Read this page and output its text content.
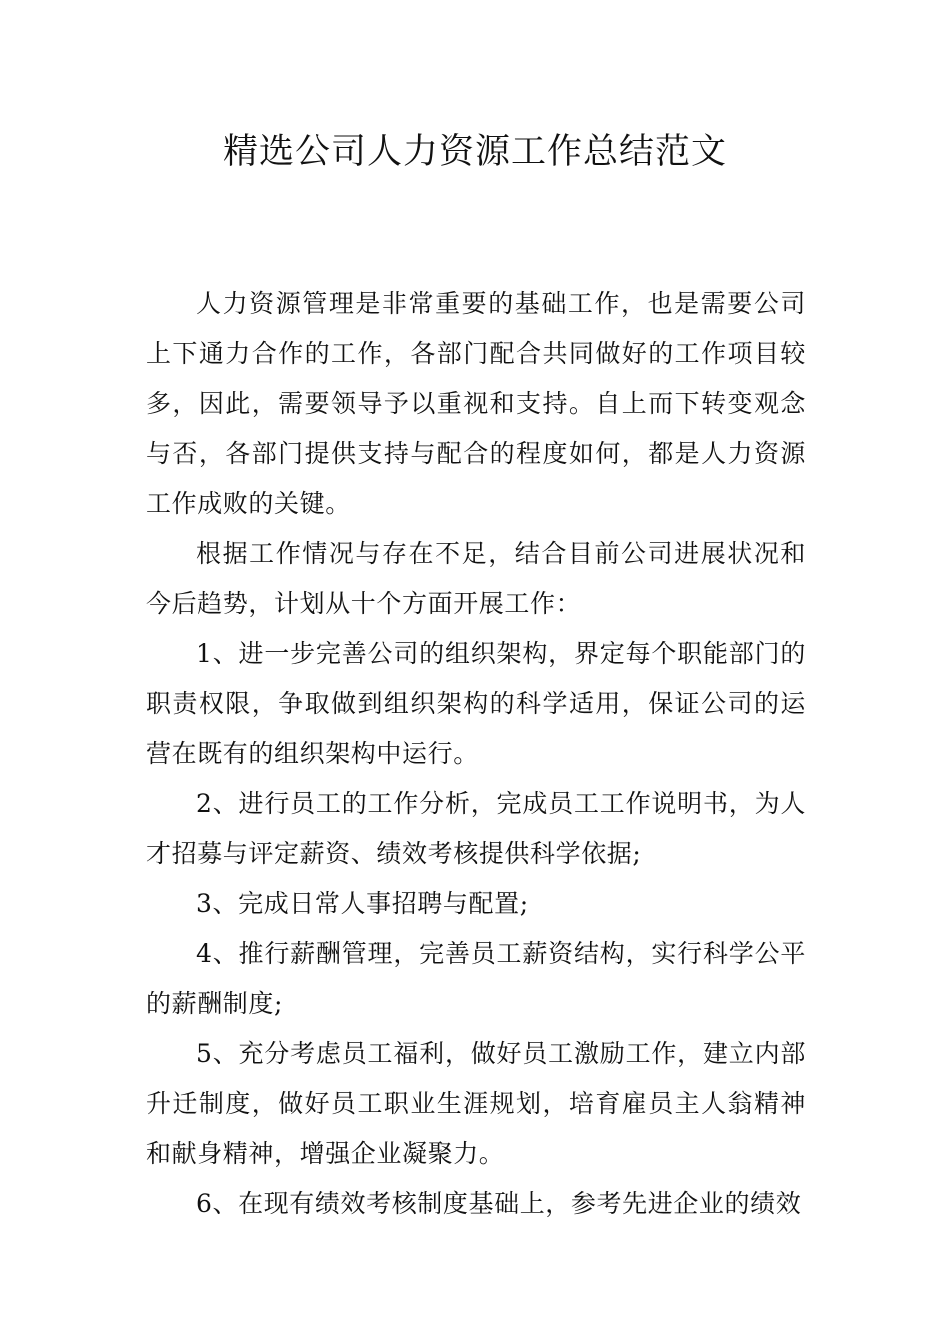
精选公司人力资源工作总结范文

人力资源管理是非常重要的基础工作，也是需要公司上下通力合作的工作，各部门配合共同做好的工作项目较多，因此，需要领导予以重视和支持。自上而下转变观念与否，各部门提供支持与配合的程度如何，都是人力资源工作成败的关键。

根据工作情况与存在不足，结合目前公司进展状况和今后趋势，计划从十个方面开展工作：

1、进一步完善公司的组织架构，界定每个职能部门的职责权限，争取做到组织架构的科学适用，保证公司的运营在既有的组织架构中运行。

2、进行员工的工作分析，完成员工工作说明书，为人才招募与评定薪资、绩效考核提供科学依据;

3、完成日常人事招聘与配置;

4、推行薪酬管理，完善员工薪资结构，实行科学公平的薪酬制度;

5、充分考虑员工福利，做好员工激励工作，建立内部升迁制度，做好员工职业生涯规划，培育雇员主人翁精神和献身精神，增强企业凝聚力。

6、在现有绩效考核制度基础上，参考先进企业的绩效
